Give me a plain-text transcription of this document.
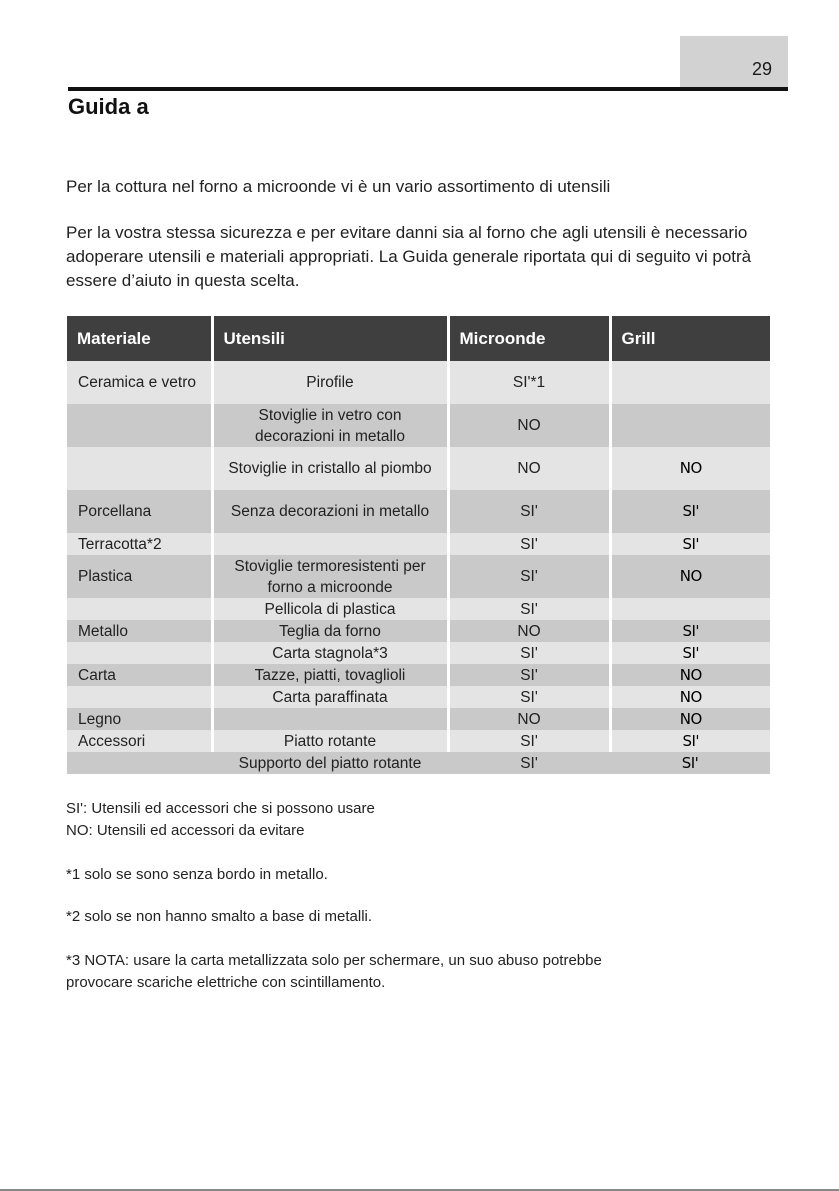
29
Guida a
Per la cottura nel forno a microonde vi è un vario assortimento di utensili
Per la vostra stessa sicurezza e per evitare danni sia al forno che agli utensili è necessario adoperare utensili e materiali appropriati. La Guida generale riportata qui di seguito vi potrà essere d’aiuto in questa scelta.
Materiale	Utensili	Microonde	Grill
Ceramica e vetro	Pirofile	SI'*1	
	Stoviglie in vetro con decorazioni in metallo	NO	
	Stoviglie in cristallo al piombo	NO	NO
Porcellana	Senza decorazioni in metallo	SI'	SI'
Terracotta*2		SI'	SI'
Plastica	Stoviglie termoresistenti per forno a microonde	SI'	NO
	Pellicola di plastica	SI'	
Metallo	Teglia da forno	NO	SI'
	Carta stagnola*3	SI'	SI'
Carta	Tazze, piatti, tovaglioli	SI'	NO
	Carta paraffinata	SI'	NO
Legno		NO	NO
Accessori	Piatto rotante	SI'	SI'
	Supporto del piatto rotante	SI'	SI'
SI': Utensili ed accessori che si possono usare
NO: Utensili ed accessori da evitare
*1 solo se sono senza bordo in metallo.
*2 solo se non hanno smalto a base di metalli.
*3 NOTA: usare la carta metallizzata solo per schermare, un suo abuso potrebbe
provocare scariche elettriche con scintillamento.
